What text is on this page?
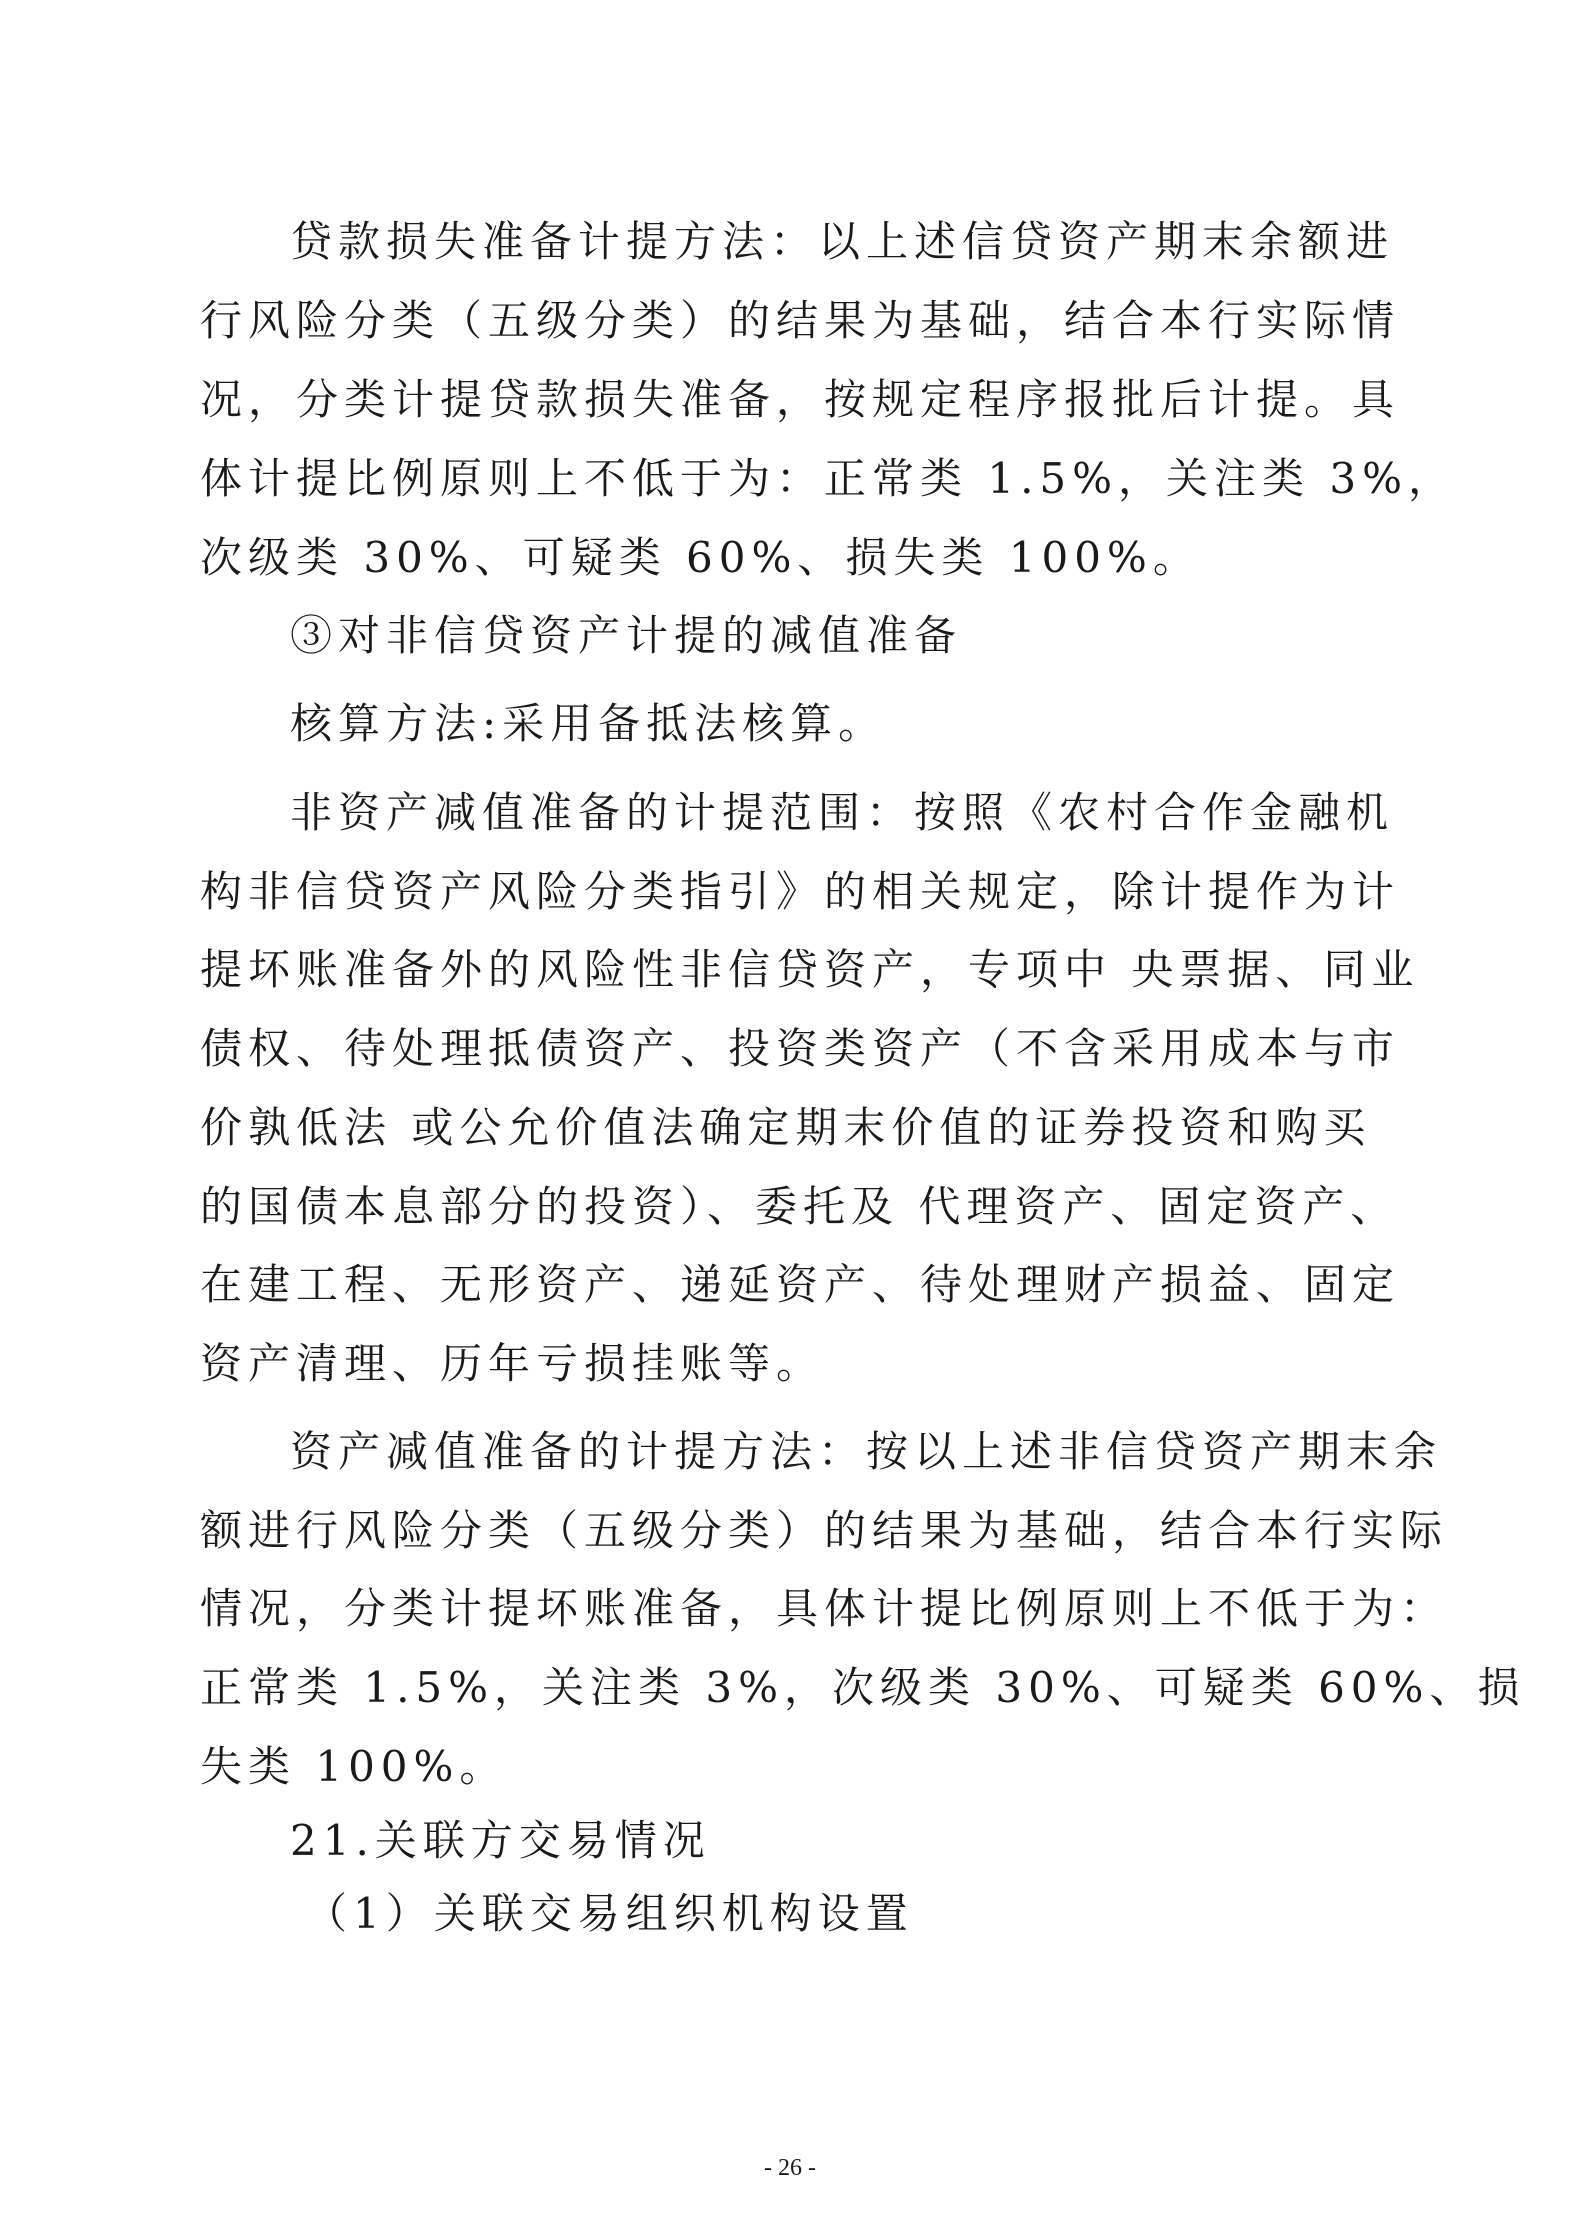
贷款损失准备计提方法：以上述信贷资产期末余额进
行风险分类（五级分类）的结果为基础，结合本行实际情
况，分类计提贷款损失准备，按规定程序报批后计提。具
体计提比例原则上不低于为：正常类 1.5%，关注类 3%，
次级类 30%、可疑类 60%、损失类 100%。
③对非信贷资产计提的减值准备
核算方法:采用备抵法核算。
非资产减值准备的计提范围：按照《农村合作金融机
构非信贷资产风险分类指引》的相关规定，除计提作为计
提坏账准备外的风险性非信贷资产，专项中 央票据、同业
债权、待处理抵债资产、投资类资产（不含采用成本与市
价孰低法 或公允价值法确定期末价值的证券投资和购买
的国债本息部分的投资）、委托及 代理资产、固定资产、
在建工程、无形资产、递延资产、待处理财产损益、固定
资产清理、历年亏损挂账等。
资产减值准备的计提方法：按以上述非信贷资产期末余
额进行风险分类（五级分类）的结果为基础，结合本行实际
情况，分类计提坏账准备，具体计提比例原则上不低于为：
正常类 1.5%，关注类 3%，次级类 30%、可疑类 60%、损
失类 100%。
21.关联方交易情况
（1）关联交易组织机构设置
- 26 -
